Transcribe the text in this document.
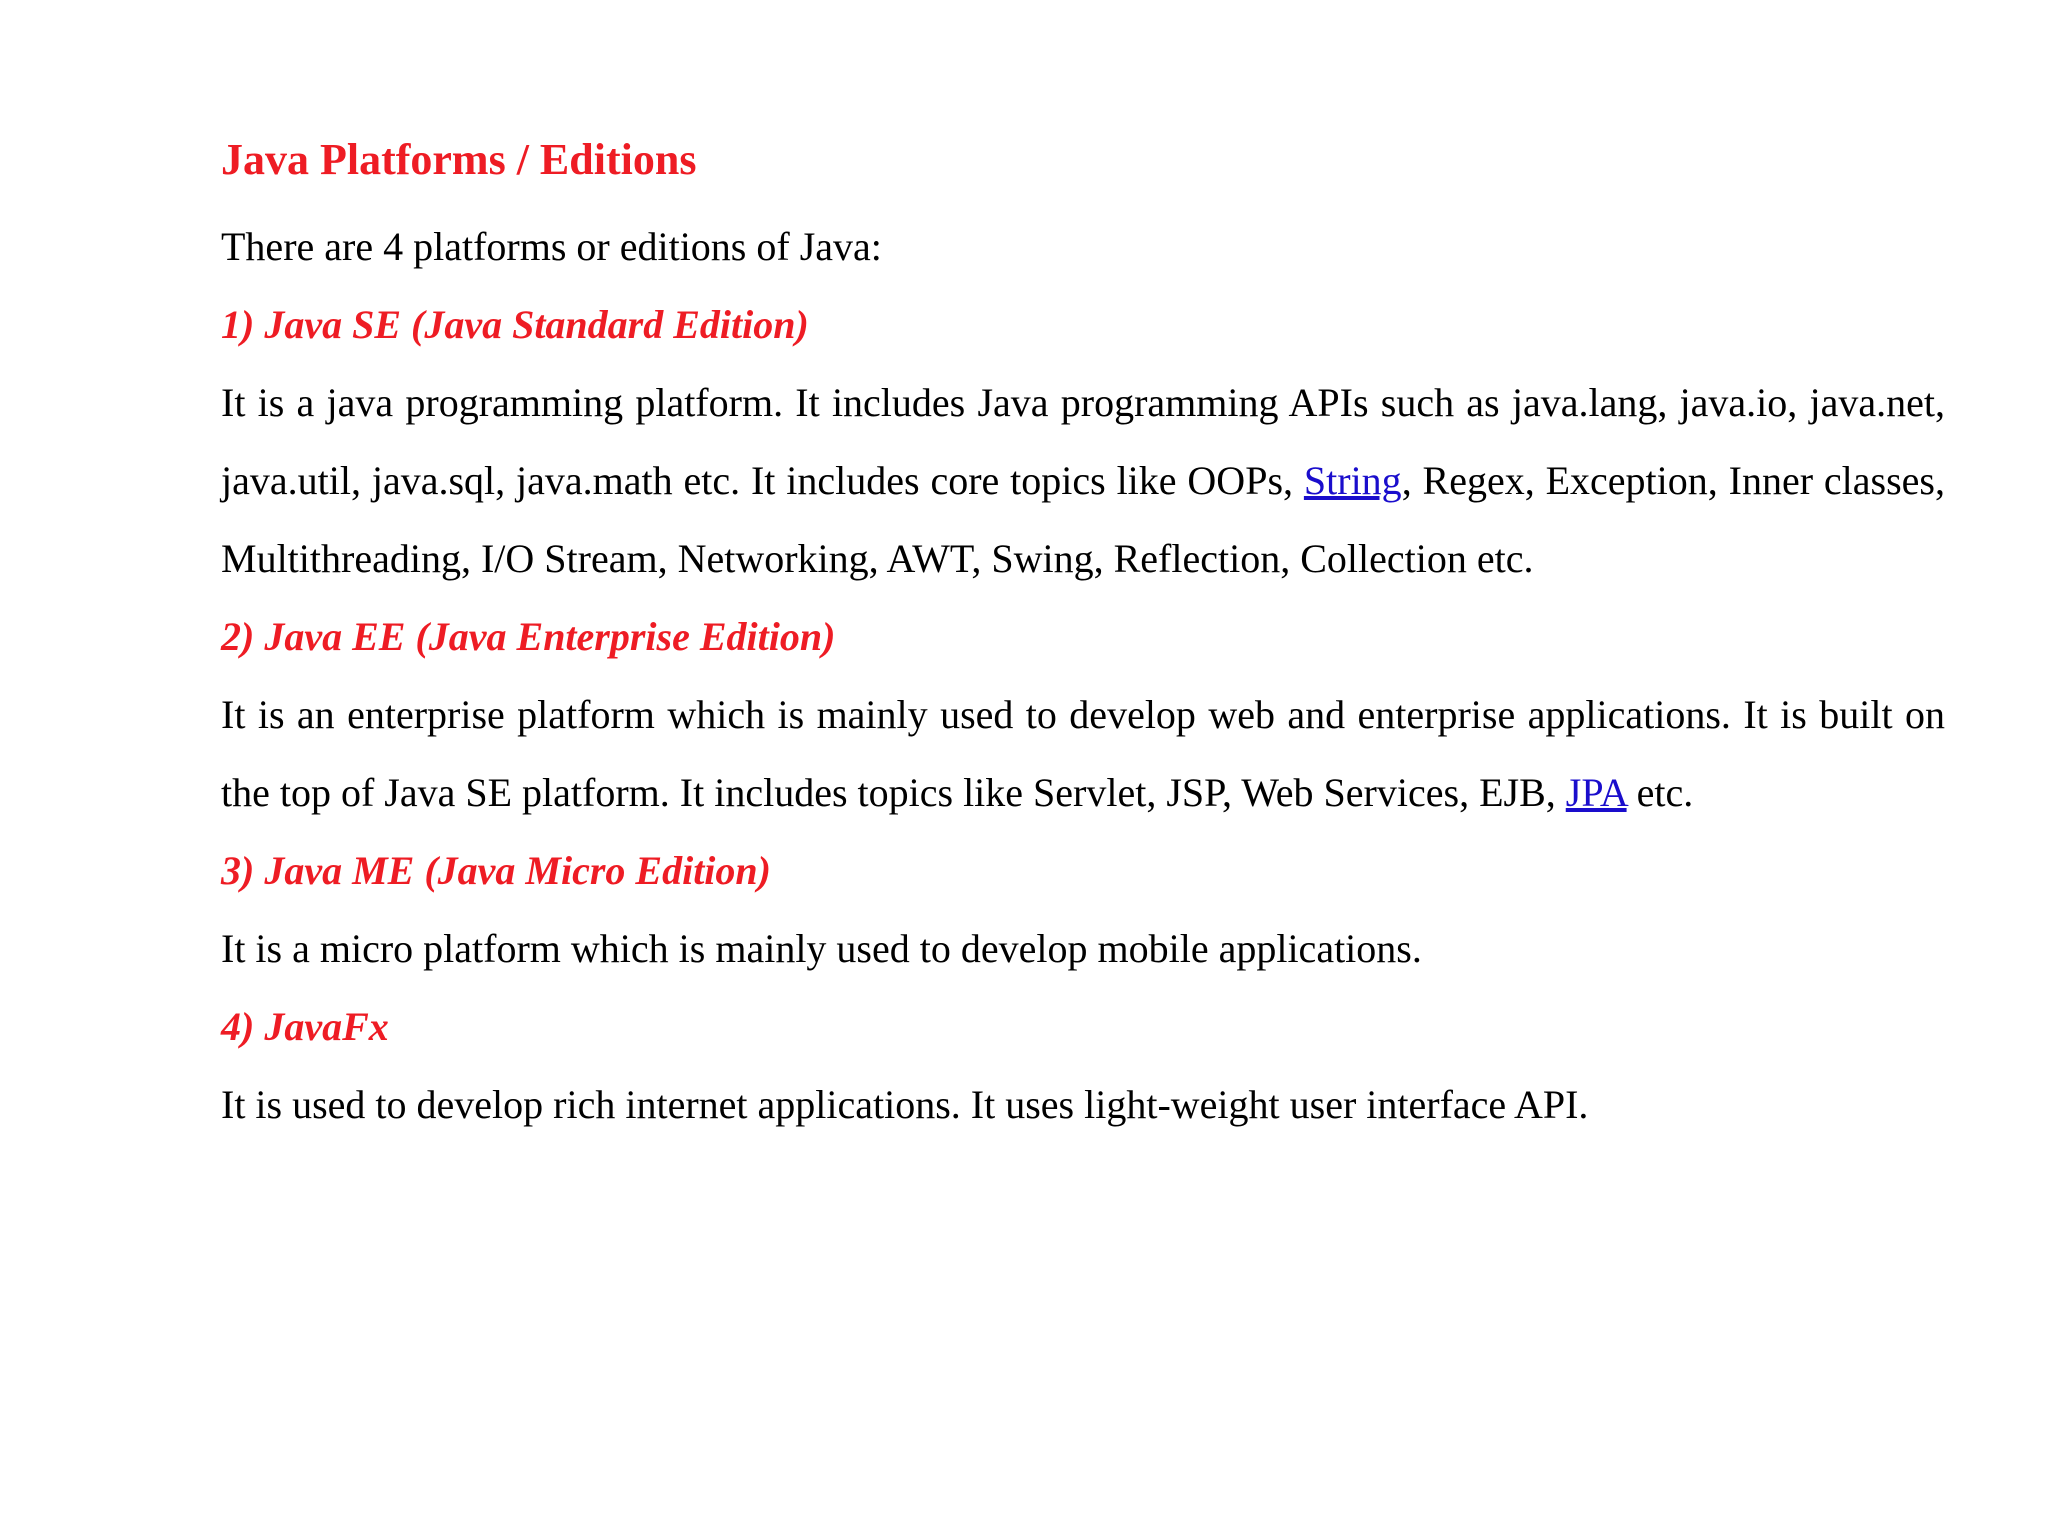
Java Platforms / Editions

There are 4 platforms or editions of Java:

1) Java SE (Java Standard Edition)

It is a java programming platform. It includes Java programming APIs such as java.lang, java.io, java.net, java.util, java.sql, java.math etc. It includes core topics like OOPs, String, Regex, Exception, Inner classes, Multithreading, I/O Stream, Networking, AWT, Swing, Reflection, Collection etc.

2) Java EE (Java Enterprise Edition)

It is an enterprise platform which is mainly used to develop web and enterprise applications. It is built on the top of Java SE platform. It includes topics like Servlet, JSP, Web Services, EJB, JPA etc.

3) Java ME (Java Micro Edition)

It is a micro platform which is mainly used to develop mobile applications.

4) JavaFx

It is used to develop rich internet applications. It uses light-weight user interface API.
